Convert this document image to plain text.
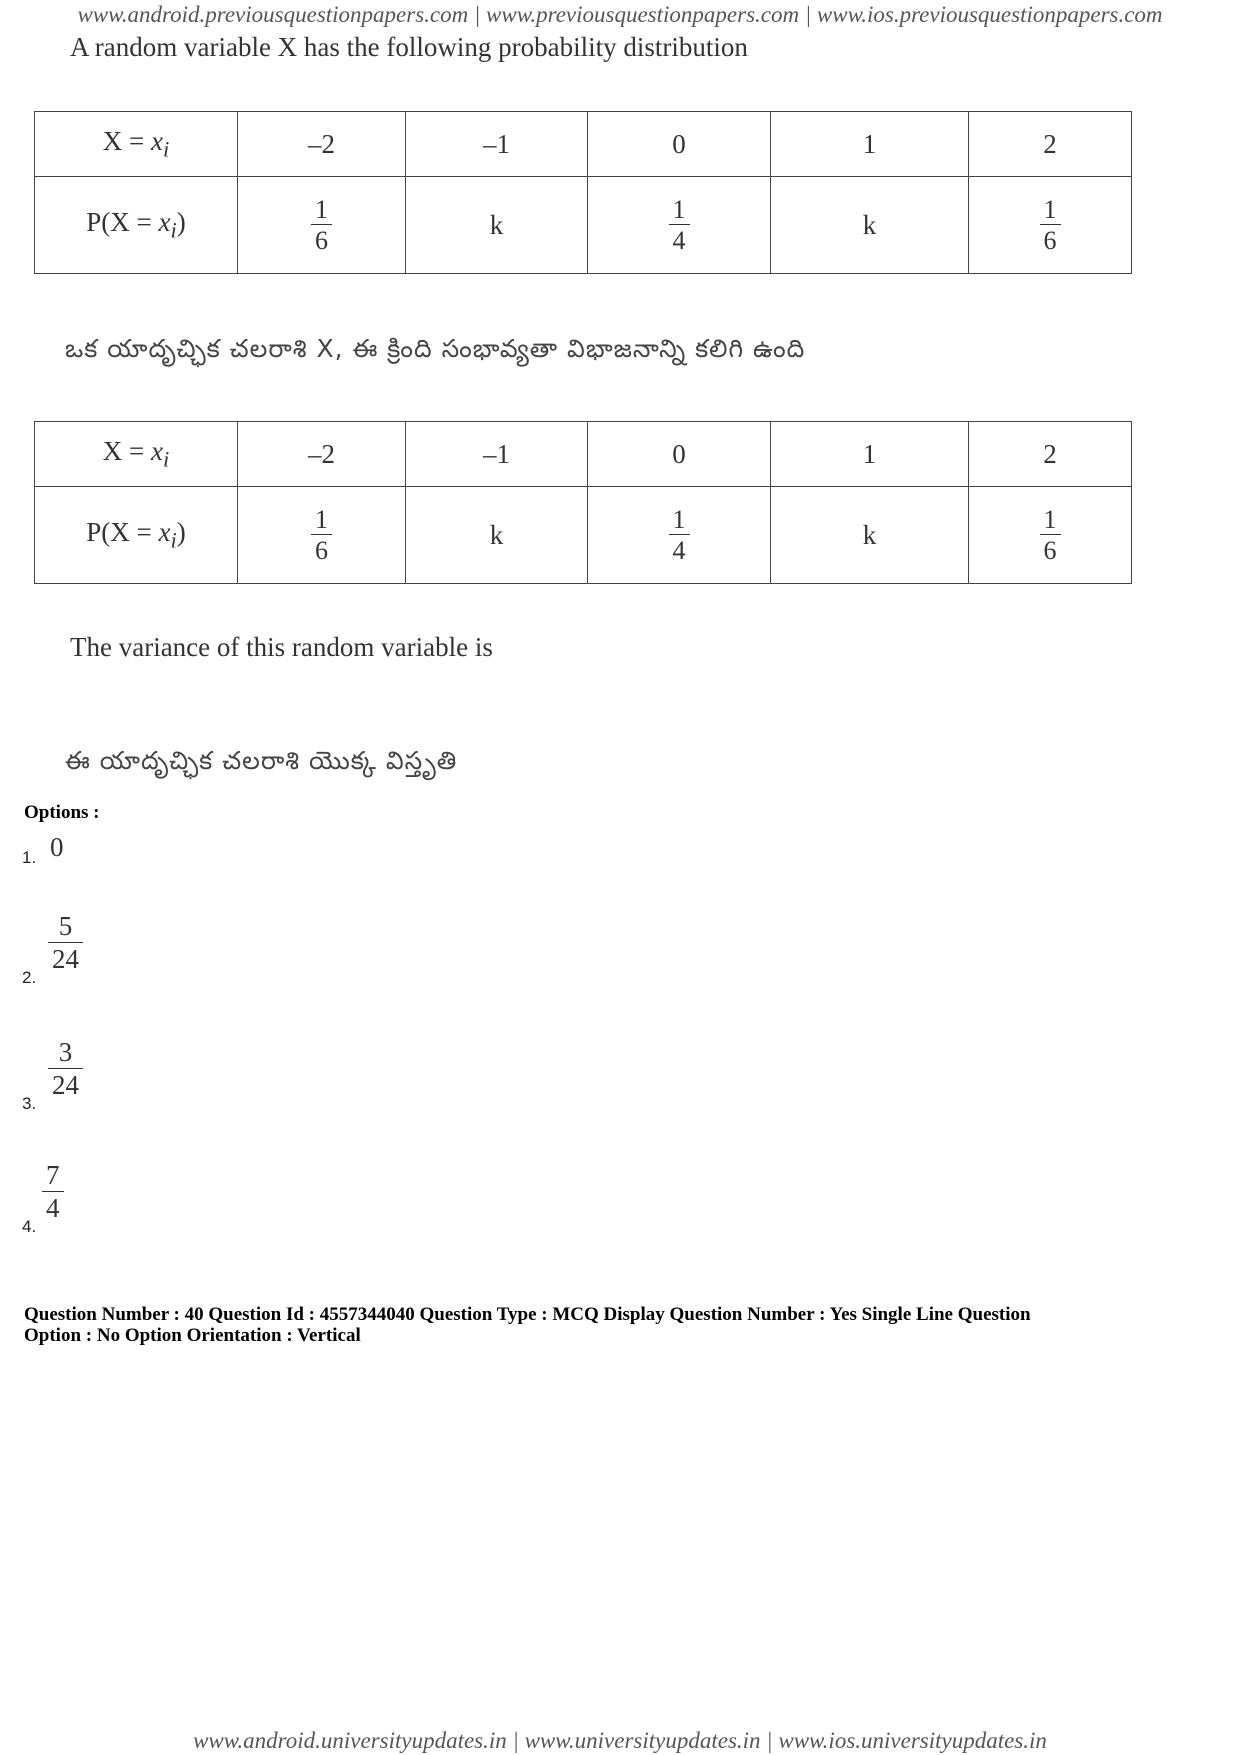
www.android.previousquestionpapers.com | www.previousquestionpapers.com | www.ios.previousquestionpapers.com
A random variable X has the following probability distribution
$X = x_i$	–2	–1	0	1	2
$P(X = x_i)$	$\frac{1}{6}$	k	$\frac{1}{4}$	k	$\frac{1}{6}$
ఒక యాదృచ్ఛిక చలరాశి X, ఈ క్రింది సంభావ్యతా విభాజనాన్ని కలిగి ఉంది
$X = x_i$	–2	–1	0	1	2
$P(X = x_i)$	$\frac{1}{6}$	k	$\frac{1}{4}$	k	$\frac{1}{6}$
The variance of this random variable is
ఈ యాదృచ్ఛిక చలరాశి యొక్క విస్తృతి
Options :
1. 0
2.
$\frac{5}{24}$
3.
$\frac{3}{24}$
4.
$\frac{7}{4}$
Question Number : 40 Question Id : 4557344040 Question Type : MCQ Display Question Number : Yes Single Line Question
Option : No Option Orientation : Vertical
www.android.universityupdates.in | www.universityupdates.in | www.ios.universityupdates.in
